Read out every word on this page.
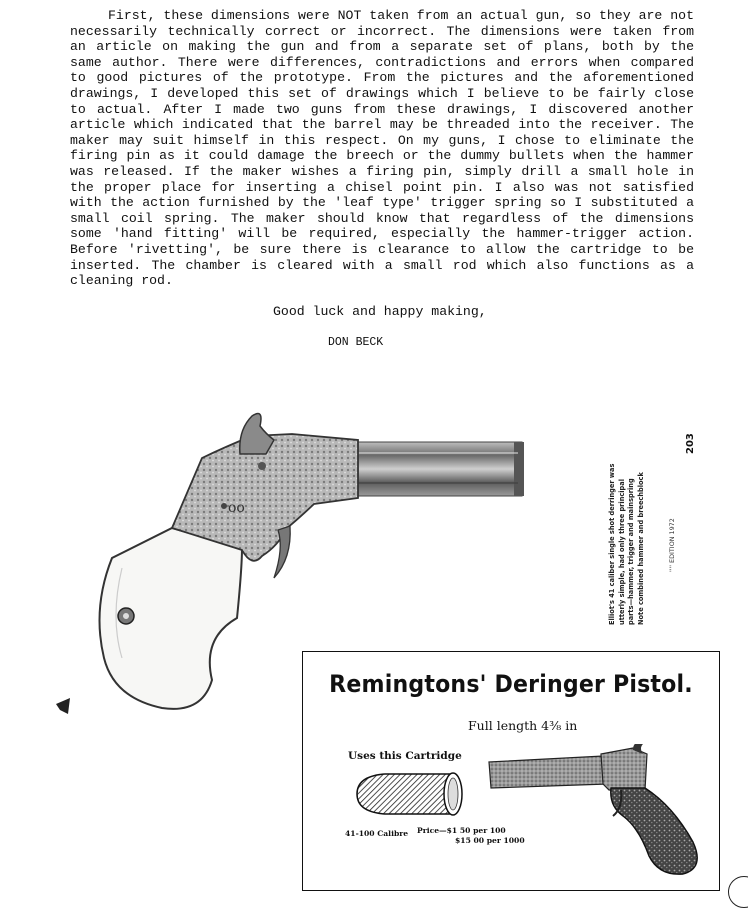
First, these dimensions were NOT taken from an actual gun, so they are not necessarily technically correct or incorrect. The dimensions were taken from an article on making the gun and from a separate set of plans, both by the same author. There were differences, contradictions and errors when compared to good pictures of the prototype. From the pictures and the aforementioned drawings, I developed this set of drawings which I believe to be fairly close to actual. After I made two guns from these drawings, I discovered another article which indicated that the barrel may be threaded into the receiver. The maker may suit himself in this respect. On my guns, I chose to eliminate the firing pin as it could damage the breech or the dummy bullets when the hammer was released. If the maker wishes a firing pin, simply drill a small hole in the proper place for inserting a chisel point pin. I also was not satisfied with the action furnished by the 'leaf type' trigger spring so I substituted a small coil spring. The maker should know that regardless of the dimensions some 'hand fitting' will be required, especially the hammer-trigger action. Before 'rivetting', be sure there is clearance to allow the cartridge to be inserted. The chamber is cleared with a small rod which also functions as a cleaning rod.

Good luck and happy making,

DON BECK

oo	Elliot's 41 caliber single shot derringer was utterly simple, had only three principal parts—hammer, trigger and mainspring Note combined hammer and breechblock	'''' EDITION 1972
203
Remingtons' Deringer Pistol.
Full length 4⅜ in
Uses this Cartridge
41-100 Calibre Price—$1 50 per 100
$15 00 per 1000
